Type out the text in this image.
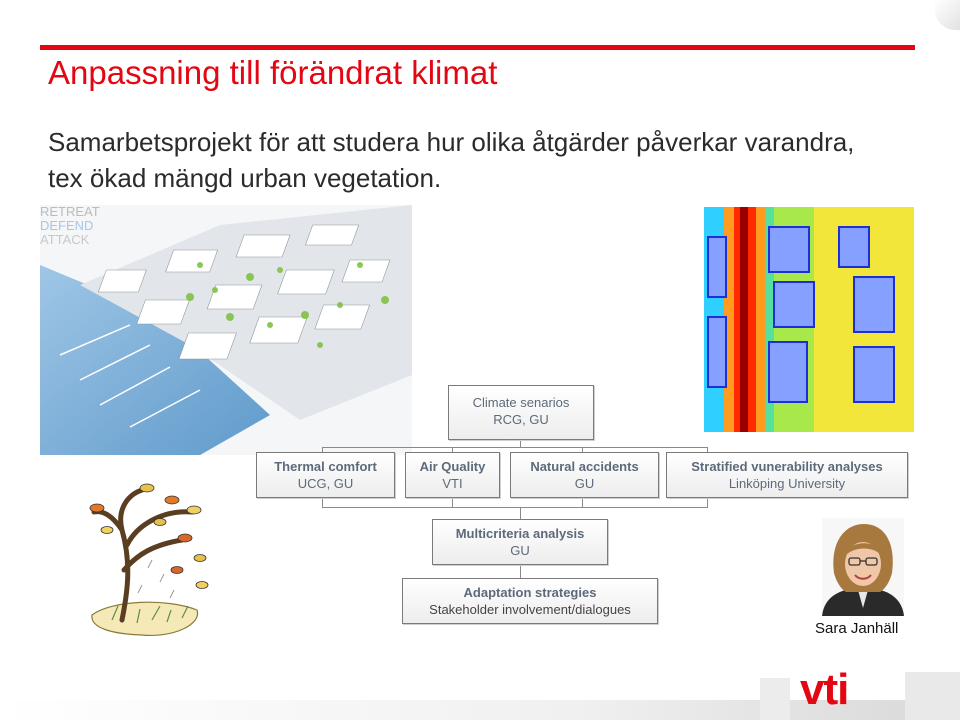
Anpassning till förändrat klimat
Samarbetsprojekt för att studera hur olika åtgärder påverkar varandra, tex ökad mängd urban vegetation.
RETREAT
DEFEND
ATTACK
Climate senarios
RCG, GU
Thermal comfort
UCG, GU
Air Quality
VTI
Natural accidents
GU
Stratified vunerability analyses
Linköping University
Multicriteria analysis
GU
Adaptation strategies
Stakeholder involvement/dialogues
Sara Janhäll
vti
